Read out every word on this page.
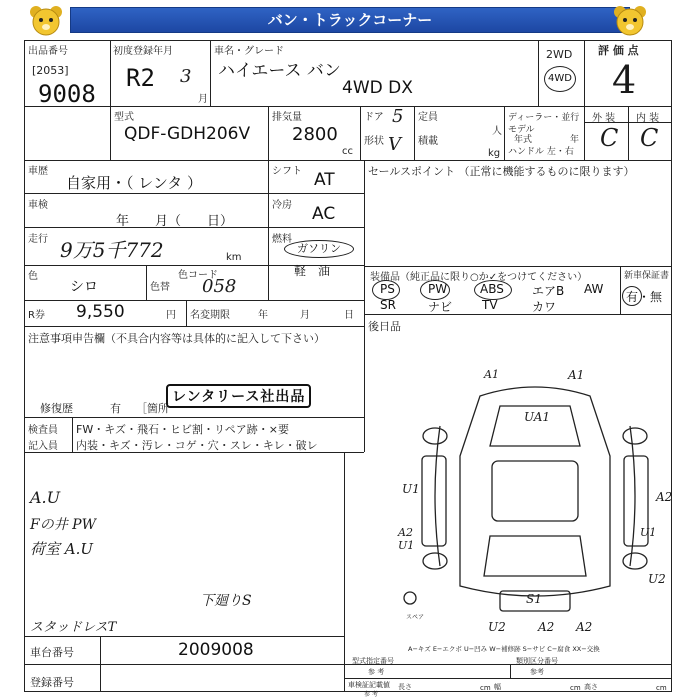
バン・トラックコーナー
出品番号
[2053]
9008
初度登録年月
R2 3
月
車名・グレード
ハイエース バン
4WD DX
2WD
4WD
評 価 点
4
外 装 内 装
C C
型式
QDF-GDH206V
排気量
2800
cc
ドア 5
形状 V
定員
人
積載
kg
ディーラー・並行
モデル
年式	年
ハンドル 左・右
車歴
自家用・（ レンタ ）
シフト AT
車検
年　　月（　　日）
冷房 AC
走行 9万5千772	km
燃料
ガソリン
軽 油
色
シロ	色替
色コード
058
R券 9,550	円 名変期限	年	月	日
注意事項申告欄（不具合内容等は具体的に記入して下さい）
修復歴	有 ［箇所
レンタリース社出品
検査員
記入員
FW・キズ・飛石・ヒビ割・リペア跡・×要
内装・キズ・汚レ・コゲ・穴・スレ・キレ・破レ
A.U
Fの井 PW
荷室 A.U
下廻りS
スタッドレスT
セールスポイント （正常に機能するものに限ります）
装備品（純正品に限り○か✓をつけてください）	新車保証書
有・無
PS	PW	ABS エアB AW
SR	ナビ TV	カワ
後日品
A1	A1
UA1
U1
A2
A2 U1
U2
S1
U2	A2 A2
U1
スペア
A−キズ E−エクボ U−凹み W−補修跡 S−サビ C−腐食 XX−交換
車台番号	2009008
登録番号
型式指定番号
参 考
類別区分番号
参考
車検証記載値
参 考
長さ	cm 幅	cm 高さ	cm
